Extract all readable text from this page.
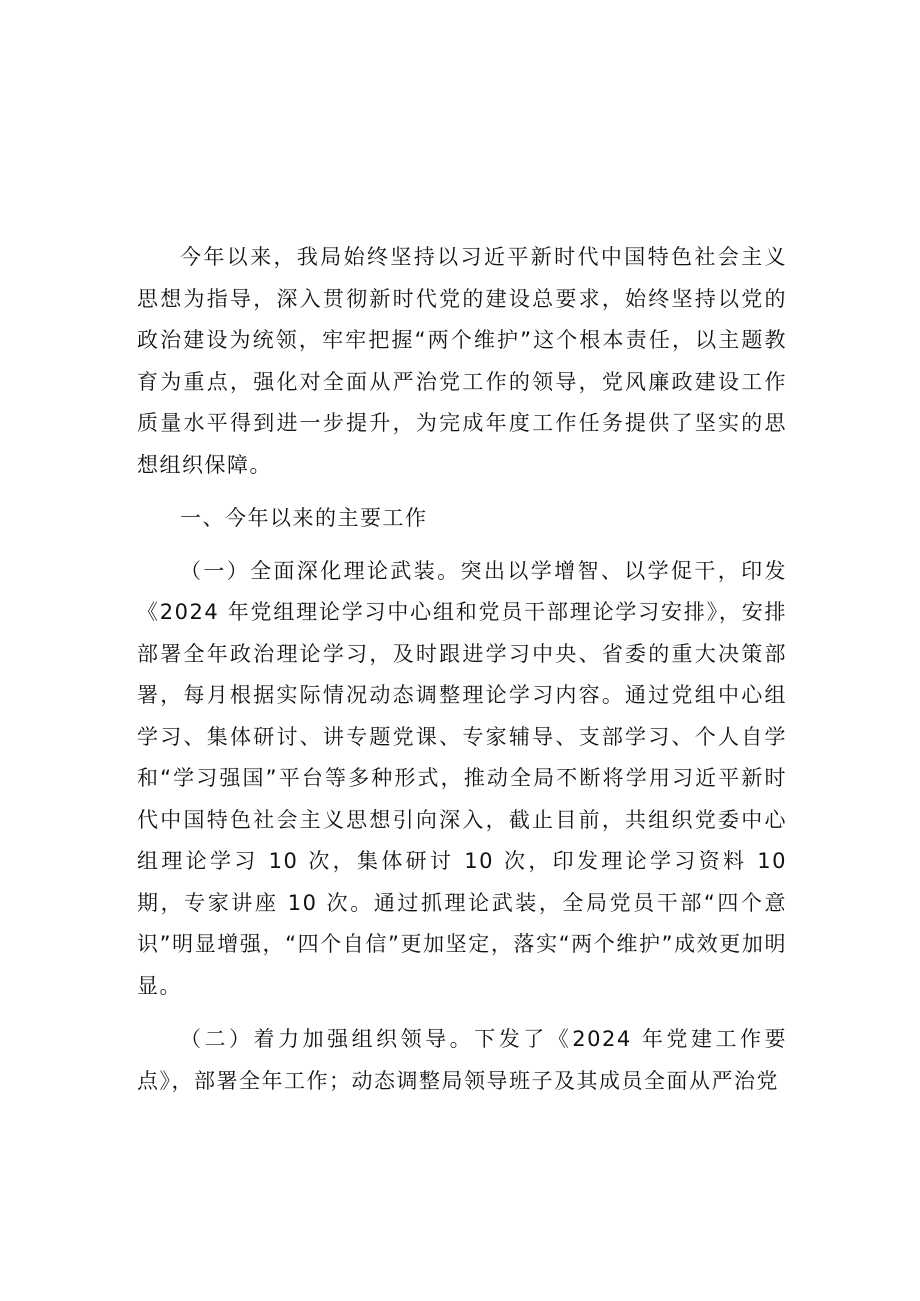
今年以来，我局始终坚持以习近平新时代中国特色社会主义思想为指导，深入贯彻新时代党的建设总要求，始终坚持以党的政治建设为统领，牢牢把握“两个维护”这个根本责任，以主题教育为重点，强化对全面从严治党工作的领导，党风廉政建设工作质量水平得到进一步提升，为完成年度工作任务提供了坚实的思想组织保障。

一、今年以来的主要工作

（一）全面深化理论武装。突出以学增智、以学促干，印发《2024 年党组理论学习中心组和党员干部理论学习安排》，安排部署全年政治理论学习，及时跟进学习中央、省委的重大决策部署，每月根据实际情况动态调整理论学习内容。通过党组中心组学习、集体研讨、讲专题党课、专家辅导、支部学习、个人自学和“学习强国”平台等多种形式，推动全局不断将学用习近平新时代中国特色社会主义思想引向深入，截止目前，共组织党委中心组理论学习 10 次，集体研讨 10 次，印发理论学习资料 10 期，专家讲座 10 次。通过抓理论武装，全局党员干部“四个意识”明显增强，“四个自信”更加坚定，落实“两个维护”成效更加明显。

（二）着力加强组织领导。下发了《2024 年党建工作要点》，部署全年工作；动态调整局领导班子及其成员全面从严治党
